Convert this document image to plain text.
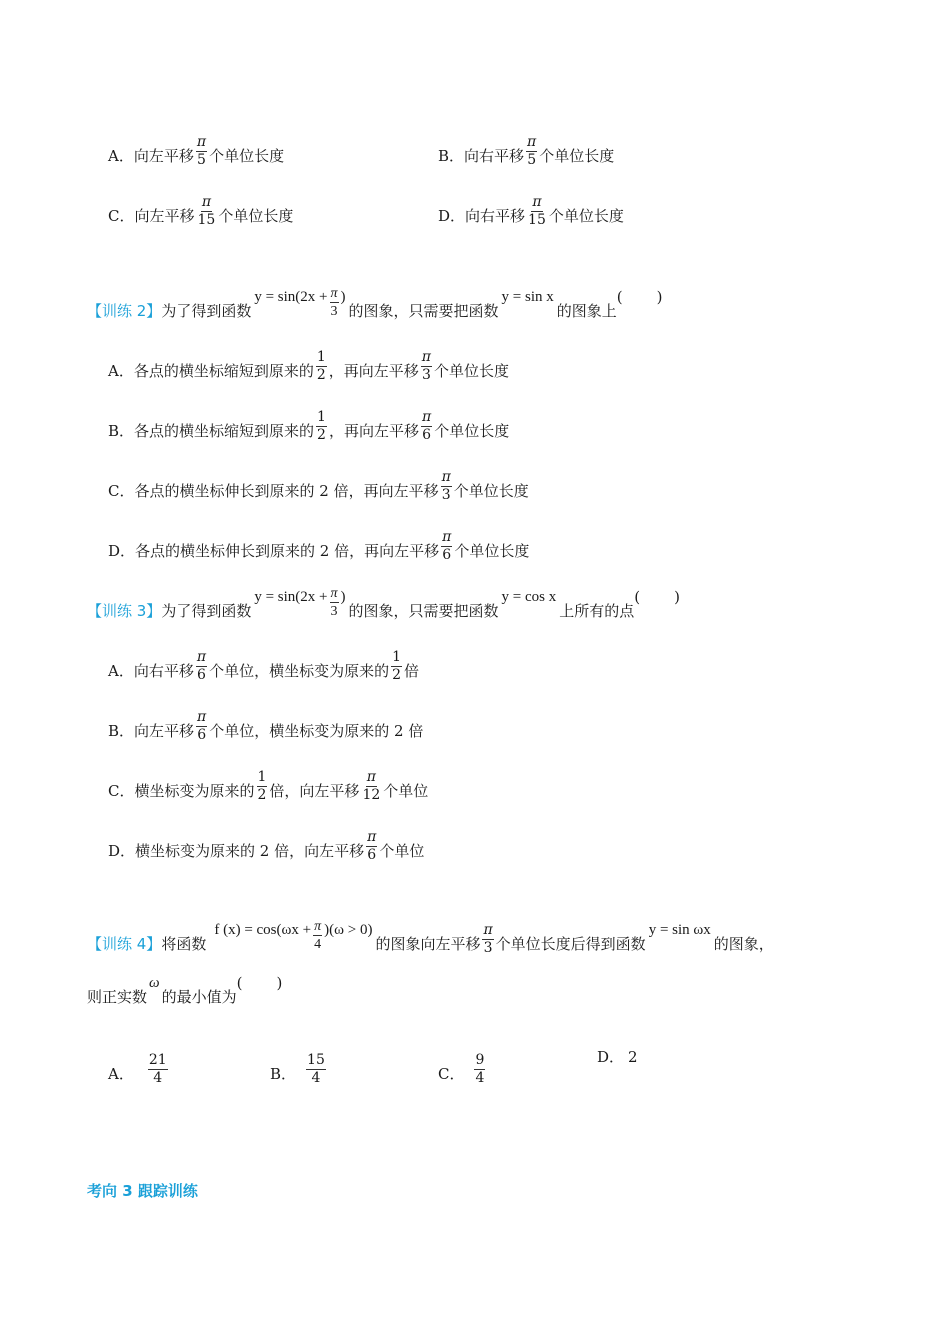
A． 向左平移 $\frac{\pi}{5}$ 个单位长度	B． 向右平移 $\frac{\pi}{5}$ 个单位长度
C． 向左平移 $\frac{\pi}{15}$ 个单位长度	D． 向右平移 $\frac{\pi}{15}$ 个单位长度
【训练 2】 为了得到函数
$y = \sin(2x + \frac{\pi}{3}$ )
的图象，只需要把函数
y = sin x
的图象上
( )
A． 各点的横坐标缩短到原来的 $\frac{1}{2}$ ，再向左平移 $\frac{\pi}{3}$ 个单位长度
B． 各点的横坐标缩短到原来的 $\frac{1}{2}$ ，再向左平移 $\frac{\pi}{6}$ 个单位长度
C． 各点的横坐标伸长到原来的 2 倍，再向左平移 $\frac{\pi}{3}$ 个单位长度
D． 各点的横坐标伸长到原来的 2 倍，再向左平移 $\frac{\pi}{6}$ 个单位长度
【训练 3】 为了得到函数
$y = \sin(2x + \frac{\pi}{3}$ )
的图象，只需要把函数
y = cos x
上所有的点
( )
A． 向右平移 $\frac{\pi}{6}$ 个单位，横坐标变为原来的 $\frac{1}{2}$ 倍
B． 向左平移 $\frac{\pi}{6}$ 个单位，横坐标变为原来的 2 倍
C． 横坐标变为原来的 $\frac{1}{2}$ 倍，向左平移 $\frac{\pi}{12}$ 个单位
D． 横坐标变为原来的 2 倍，向左平移 $\frac{\pi}{6}$ 个单位
【训练 4】 将函数
f $(x) = \cos(\omega x + \frac{\pi}{4} )(\omega > 0)$
的图象向左平移 $\frac{\pi}{3}$ 个单位长度后得到函数
y = sin ωx
的图象，
则正实数
ω
的最小值为
( )
A． $\frac{21}{4}$	B． $\frac{15}{4}$	C． $\frac{9}{4}$	D． 2
考向 3 跟踪训练
